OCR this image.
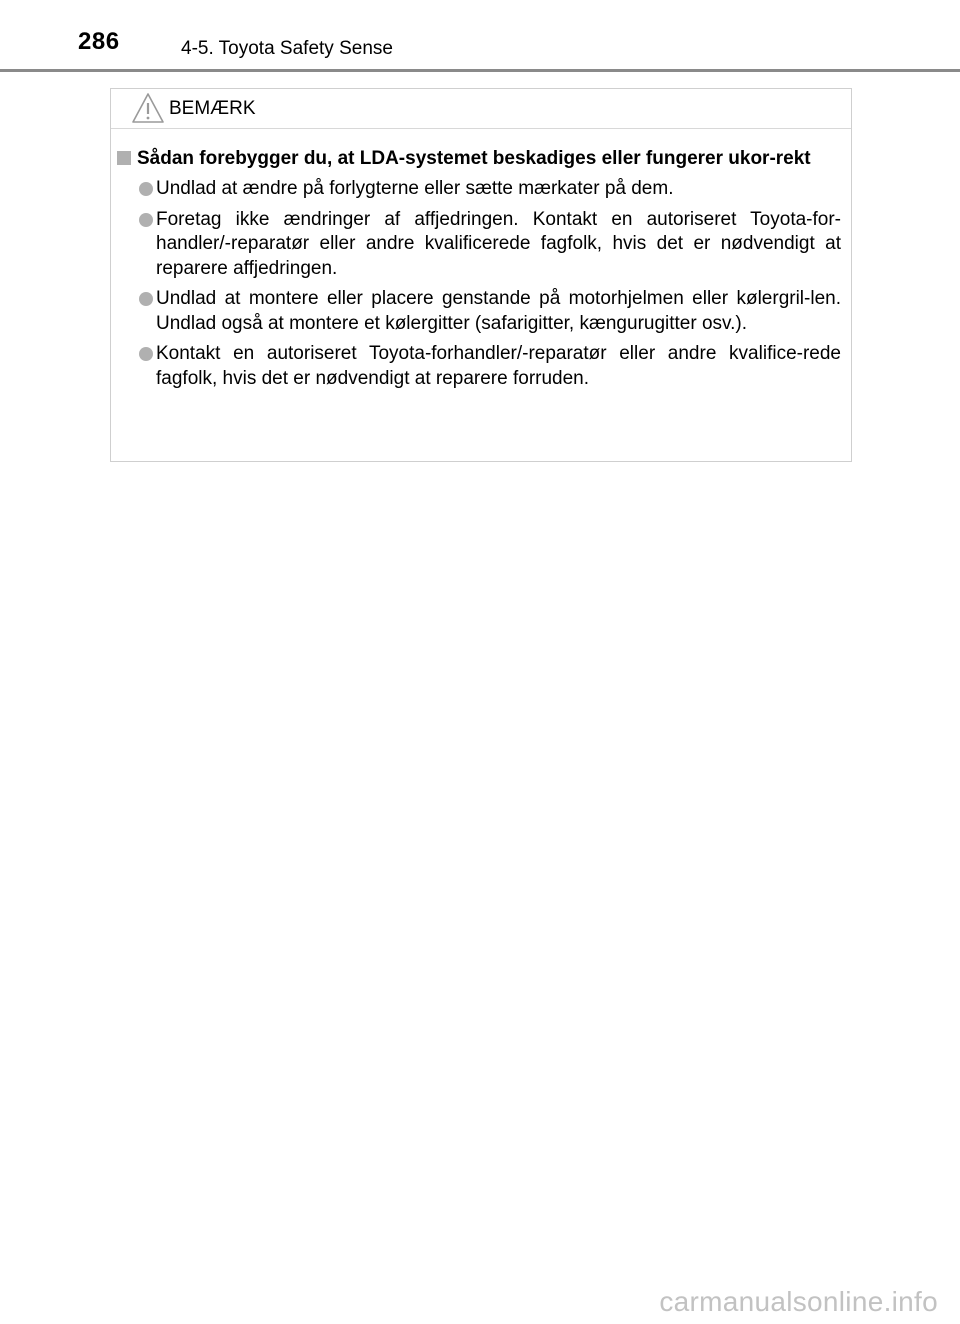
286	4-5. Toyota Safety Sense
BEMÆRK
Sådan forebygger du, at LDA-systemet beskadiges eller fungerer ukor-rekt
Undlad at ændre på forlygterne eller sætte mærkater på dem.
Foretag ikke ændringer af affjedringen. Kontakt en autoriseret Toyota-for-handler/-reparatør eller andre kvalificerede fagfolk, hvis det er nødvendigt at reparere affjedringen.
Undlad at montere eller placere genstande på motorhjelmen eller kølergril-len. Undlad også at montere et kølergitter (safarigitter, kængurugitter osv.).
Kontakt en autoriseret Toyota-forhandler/-reparatør eller andre kvalifice-rede fagfolk, hvis det er nødvendigt at reparere forruden.
carmanualsonline.info
